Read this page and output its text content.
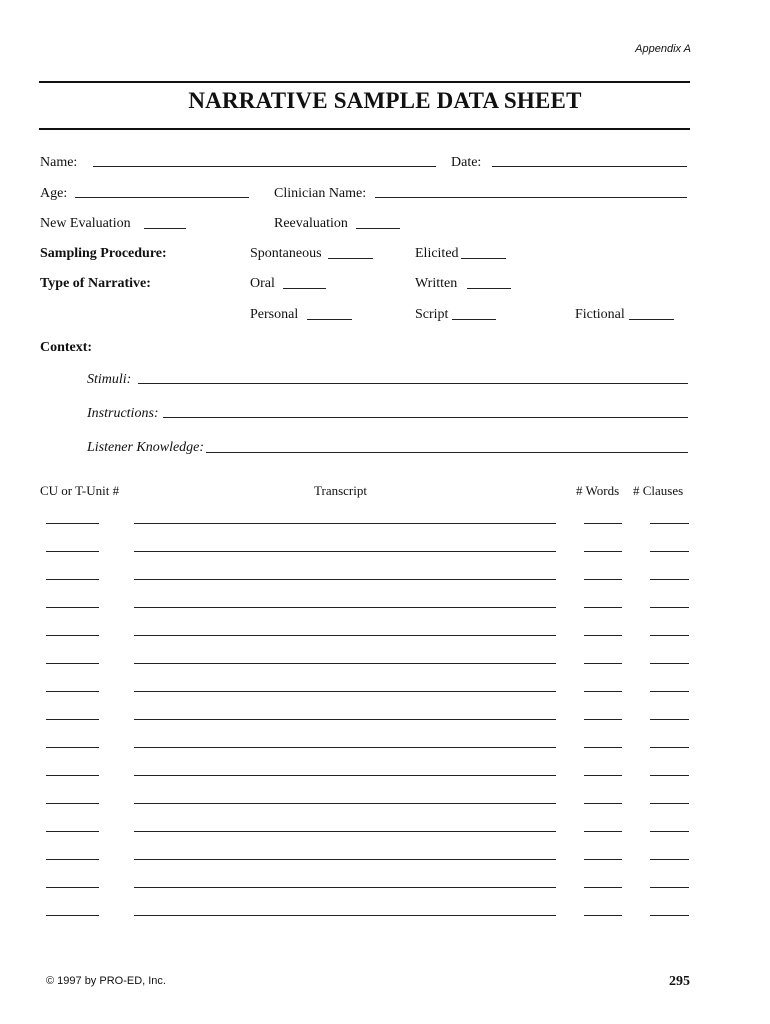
Appendix A
NARRATIVE SAMPLE DATA SHEET
Name:	Date:
Age:	Clinician Name:
New Evaluation	Reevaluation
Sampling Procedure:	Spontaneous	Elicited
Type of Narrative:	Oral	Written
Personal	Script	Fictional
Context:
Stimuli:
Instructions:
Listener Knowledge:
CU or T-Unit #	Transcript	# Words # Clauses
© 1997 by PRO-ED, Inc.	295
